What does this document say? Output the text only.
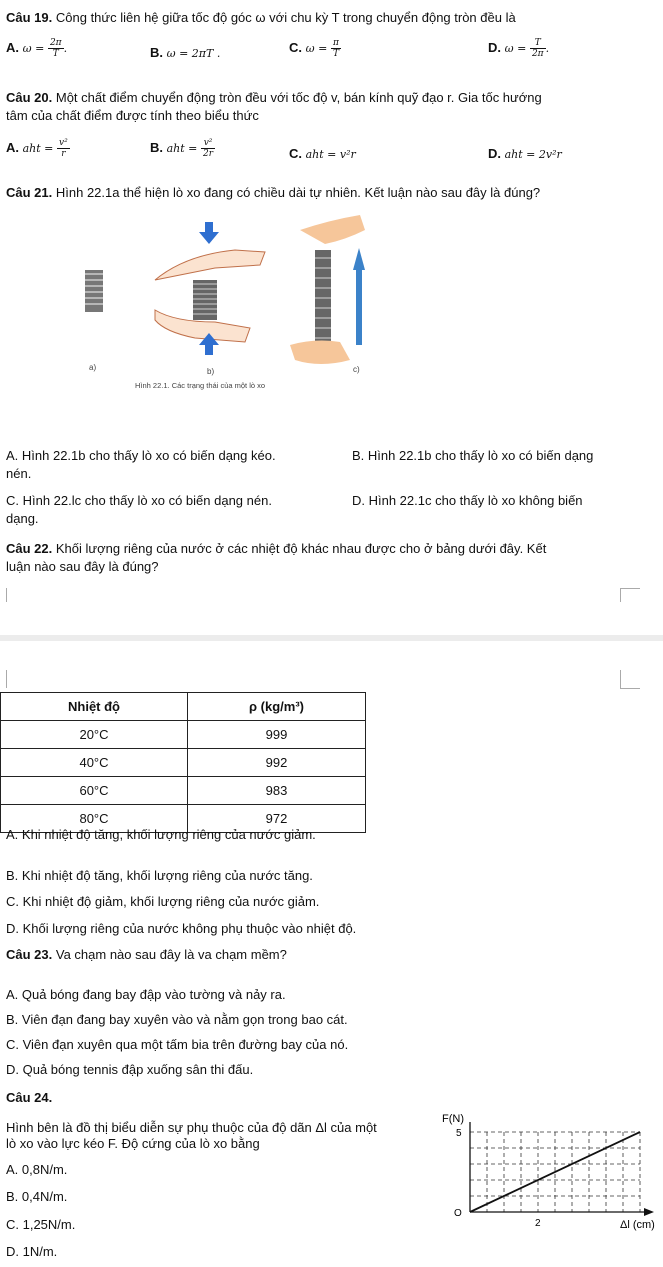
Câu 19. Công thức liên hệ giữa tốc độ góc ω với chu kỳ T trong chuyển động tròn đều là
A. $\omega = \frac{2\pi}{T}$ .	B. ω = 2πT .	C. $\omega = \frac{\pi}{T}$	D. $\omega = \frac{T}{2\pi}$ .
Câu 20. Một chất điểm chuyển động tròn đều với tốc độ v, bán kính quỹ đạo r. Gia tốc hướng
tâm của chất điểm được tính theo biểu thức
A. aht = $\frac{\text{v²}}{r}$	B. aht = $\frac{\text{v²}}{2r}$	C. aht = v²r	D. aht = 2v²r
Câu 21. Hình 22.1a thể hiện lò xo đang có chiều dài tự nhiên. Kết luận nào sau đây là đúng?
a)	b)	c)
Hình 22.1. Các trạng thái của một lò xo
A. Hình 22.1b cho thấy lò xo có biến dạng kéo.	B. Hình 22.1b cho thấy lò xo có biến dạng
nén.
C. Hình 22.lc cho thấy lò xo có biến dạng nén.	D. Hình 22.1c cho thấy lò xo không biến
dạng.
Câu 22. Khối lượng riêng của nước ở các nhiệt độ khác nhau được cho ở bảng dưới đây. Kết
luận nào sau đây là đúng?
Nhiệt độ	ρ (kg/m³)
20°C	999
40°C	992
60°C	983
80°C	972
A. Khi nhiệt độ tăng, khối lượng riêng của nước giảm.
B. Khi nhiệt độ tăng, khối lượng riêng của nước tăng.
C. Khi nhiệt độ giảm, khối lượng riêng của nước giảm.
D. Khối lượng riêng của nước không phụ thuộc vào nhiệt độ.
Câu 23. Va chạm nào sau đây là va chạm mềm?
A. Quả bóng đang bay đập vào tường và nảy ra.
B. Viên đạn đang bay xuyên vào và nằm gọn trong bao cát.
C. Viên đạn xuyên qua một tấm bia trên đường bay của nó.
D. Quả bóng tennis đập xuống sân thi đấu.
Câu 24.
Hình bên là đồ thị biểu diễn sự phụ thuộc của độ dãn Δl của một
lò xo vào lực kéo F. Độ cứng của lò xo bằng
A. 0,8N/m.
B. 0,4N/m.
C. 1,25N/m.
D. 1N/m.
F(N)
Δl (cm)
O
5
2
